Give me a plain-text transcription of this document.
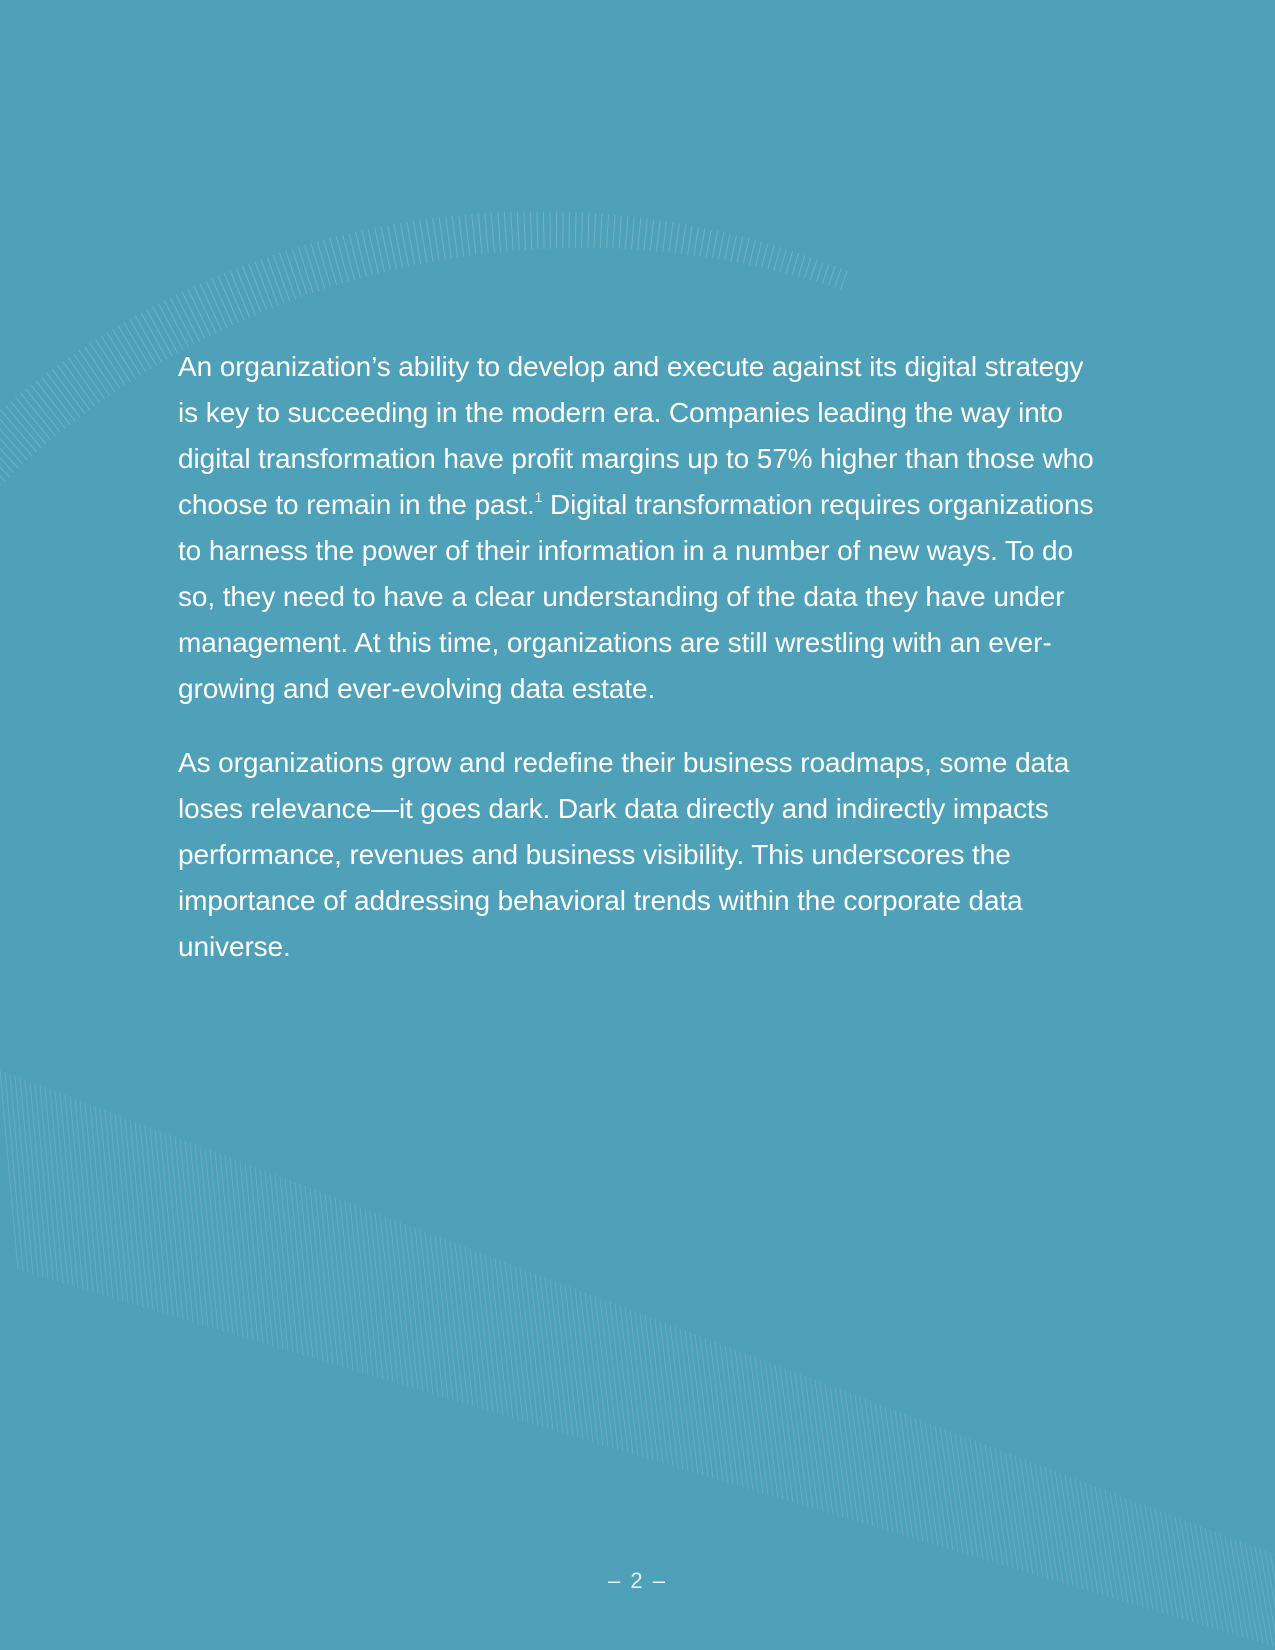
An organization’s ability to develop and execute against its digital strategy is key to succeeding in the modern era. Companies leading the way into digital transformation have profit margins up to 57% higher than those who choose to remain in the past.$^1$ Digital transformation requires organizations to harness the power of their information in a number of new ways. To do so, they need to have a clear understanding of the data they have under management. At this time, organizations are still wrestling with an ever-growing and ever-evolving data estate.

As organizations grow and redefine their business roadmaps, some data loses relevance—it goes dark. Dark data directly and indirectly impacts performance, revenues and business visibility. This underscores the importance of addressing behavioral trends within the corporate data universe.

– 2 –
